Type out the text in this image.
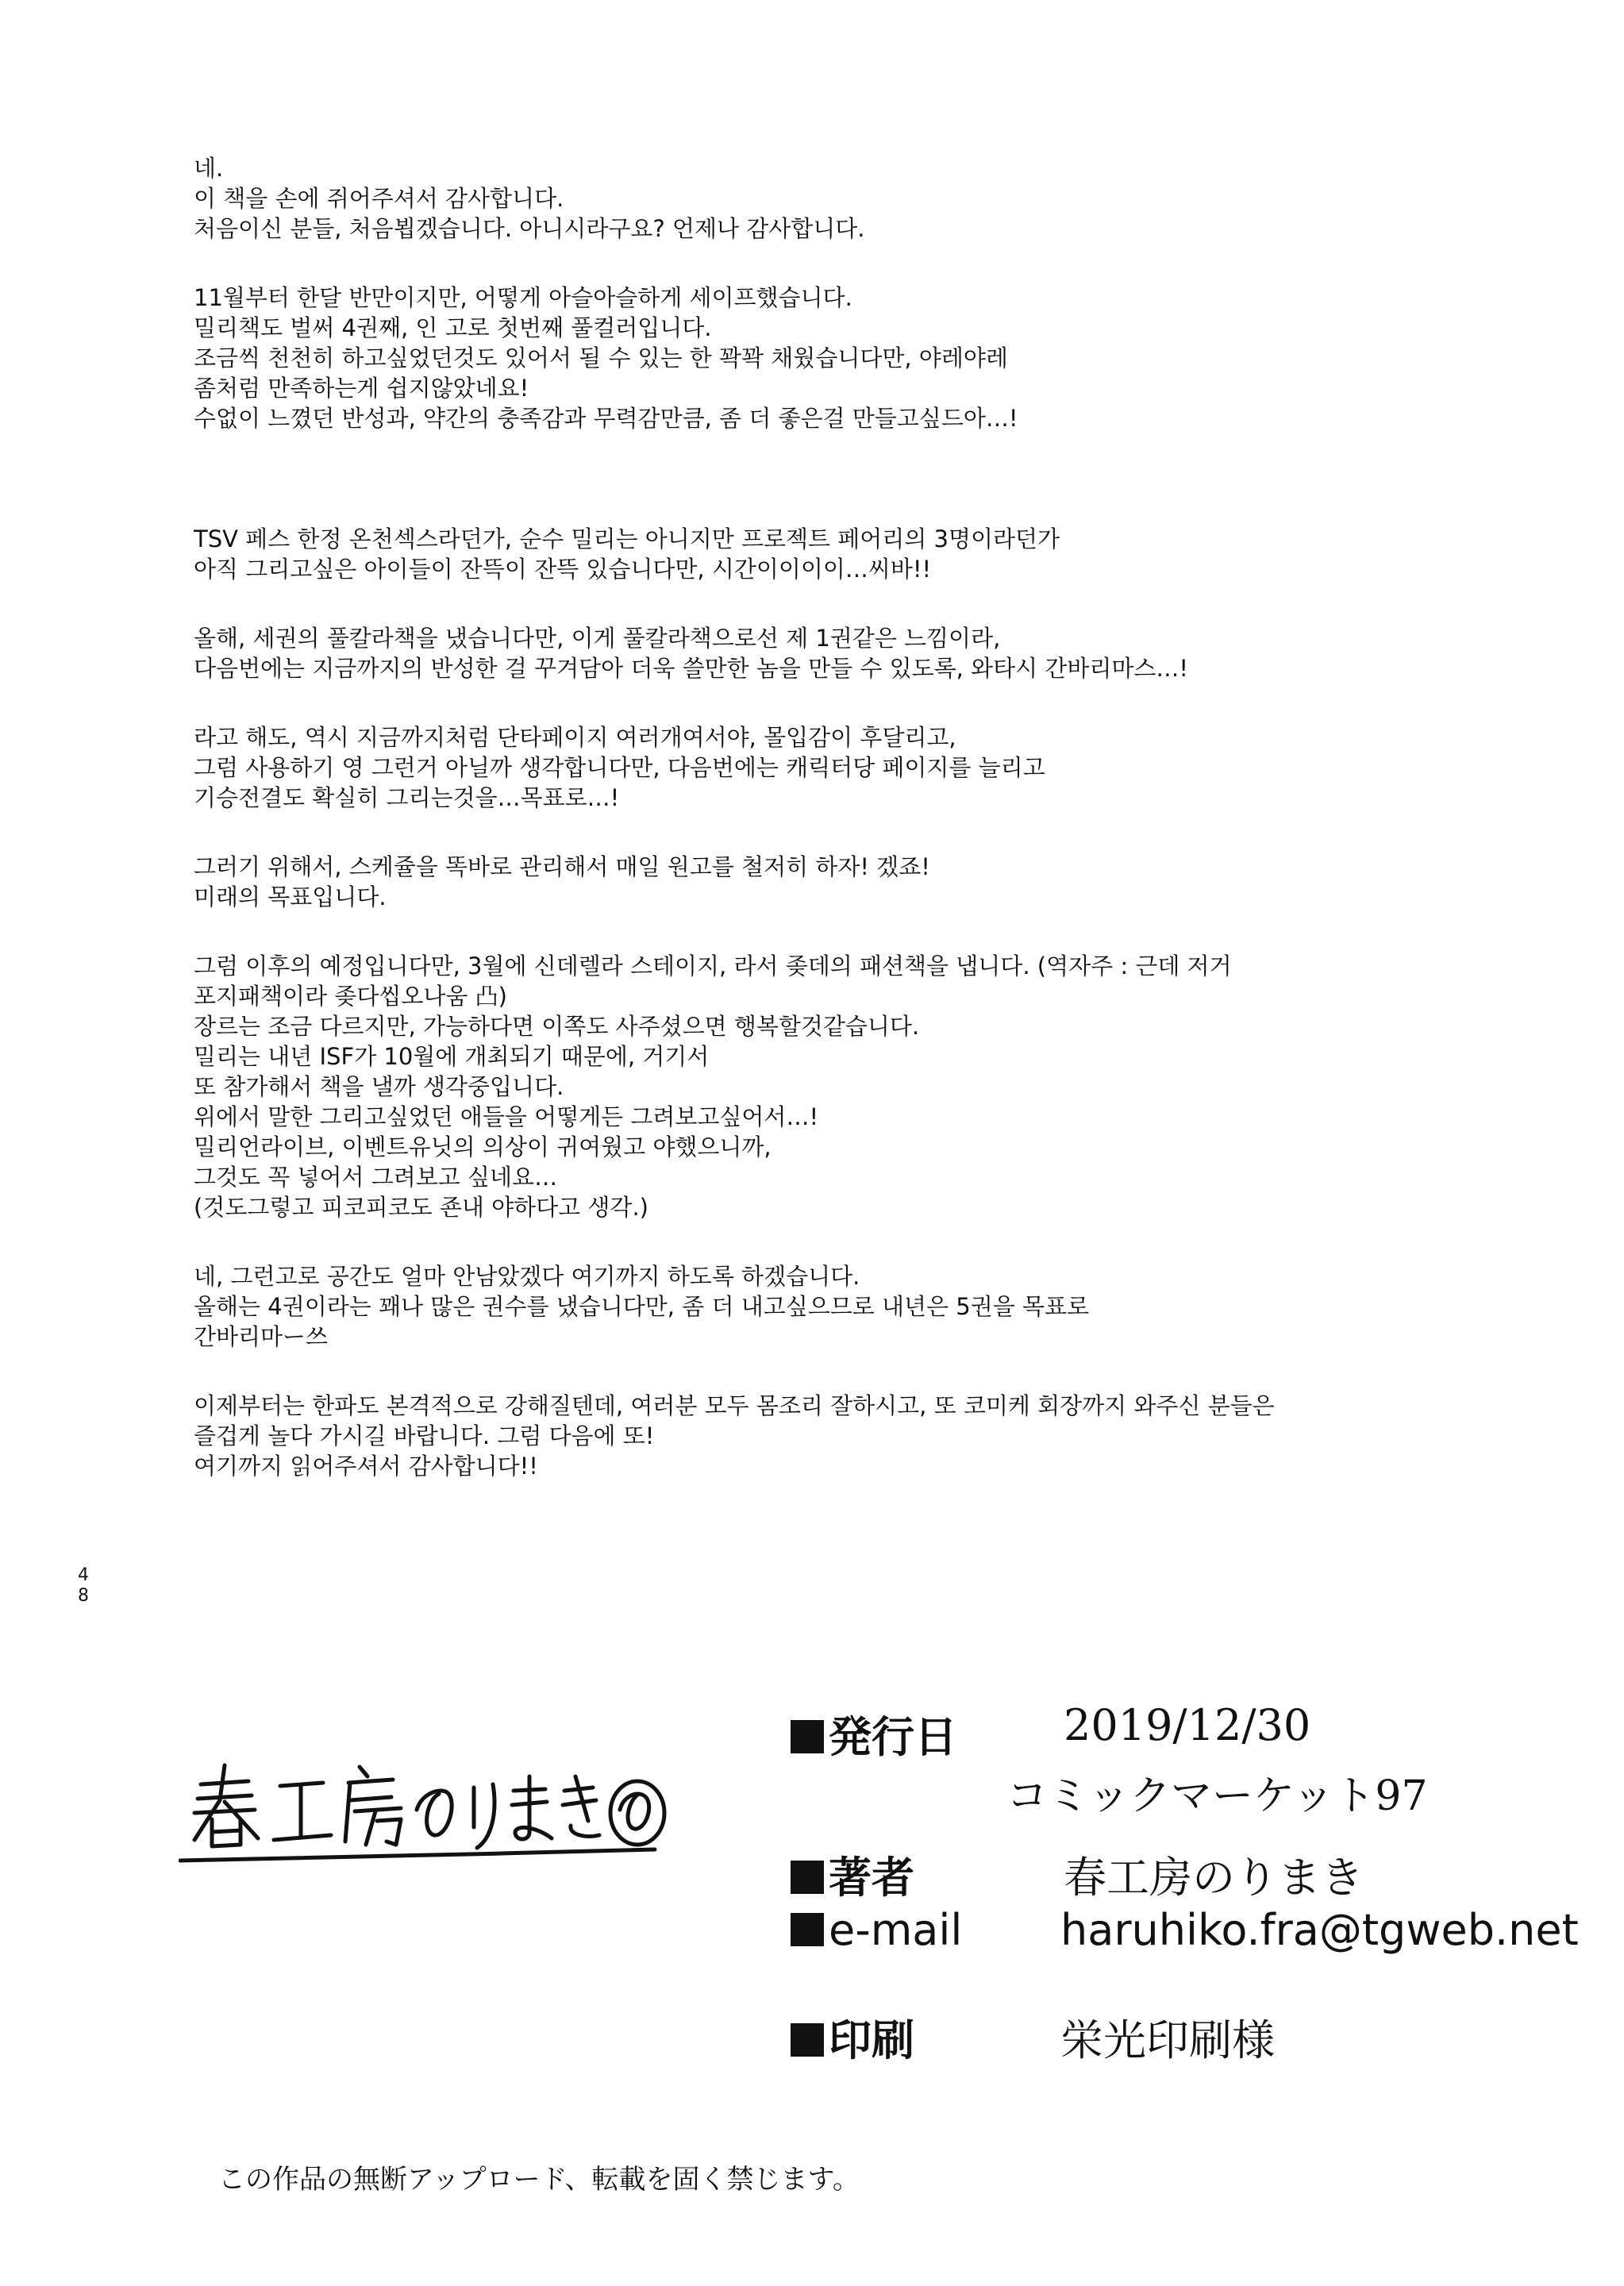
네.
이 책을 손에 쥐어주셔서 감사합니다.
처음이신 분들, 처음뵙겠습니다. 아니시라구요? 언제나 감사합니다.
11월부터 한달 반만이지만, 어떻게 아슬아슬하게 세이프했습니다.
밀리책도 벌써 4권째, 인 고로 첫번째 풀컬러입니다.
조금씩 천천히 하고싶었던것도 있어서 될 수 있는 한 꽉꽉 채웠습니다만, 야레야레
좀처럼 만족하는게 쉽지않았네요!
수없이 느꼈던 반성과, 약간의 충족감과 무력감만큼, 좀 더 좋은걸 만들고싶드아…!
TSV 페스 한정 온천섹스라던가, 순수 밀리는 아니지만 프로젝트 페어리의 3명이라던가
아직 그리고싶은 아이들이 잔뜩이 잔뜩 있습니다만, 시간이이이이…씨바!!
올해, 세권의 풀칼라책을 냈습니다만, 이게 풀칼라책으로선 제 1권같은 느낌이라,
다음번에는 지금까지의 반성한 걸 꾸겨담아 더욱 쓸만한 놈을 만들 수 있도록, 와타시 간바리마스…!
라고 해도, 역시 지금까지처럼 단타페이지 여러개여서야, 몰입감이 후달리고,
그럼 사용하기 영 그런거 아닐까 생각합니다만, 다음번에는 캐릭터당 페이지를 늘리고
기승전결도 확실히 그리는것을…목표로…!
그러기 위해서, 스케쥴을 똑바로 관리해서 매일 원고를 철저히 하자! 겠죠!
미래의 목표입니다.
그럼 이후의 예정입니다만, 3월에 신데렐라 스테이지, 라서 좆데의 패션책을 냅니다. (역자주 : 근데 저거
포지패책이라 좆다씹오나움 凸)
장르는 조금 다르지만, 가능하다면 이쪽도 사주셨으면 행복할것같습니다.
밀리는 내년 ISF가 10월에 개최되기 때문에, 거기서
또 참가해서 책을 낼까 생각중입니다.
위에서 말한 그리고싶었던 애들을 어떻게든 그려보고싶어서…!
밀리언라이브, 이벤트유닛의 의상이 귀여웠고 야했으니까,
그것도 꼭 넣어서 그려보고 싶네요…
(것도그렇고 피코피코도 죤내 야하다고 생각.)
네, 그런고로 공간도 얼마 안남았겠다 여기까지 하도록 하겠습니다.
올해는 4권이라는 꽤나 많은 권수를 냈습니다만, 좀 더 내고싶으므로 내년은 5권을 목표로
간바리마ー쓰
이제부터는 한파도 본격적으로 강해질텐데, 여러분 모두 몸조리 잘하시고, 또 코미케 회장까지 와주신 분들은
즐겁게 놀다 가시길 바랍니다. 그럼 다음에 또!
여기까지 읽어주셔서 감사합니다!!
発行日 2019/12/30
コミックマーケット97
著者	春工房のりまき
e-mail haruhiko.fra@tgweb.net
印刷	栄光印刷様
4
8
この作品の無断アップロード、転載を固く禁じます。
